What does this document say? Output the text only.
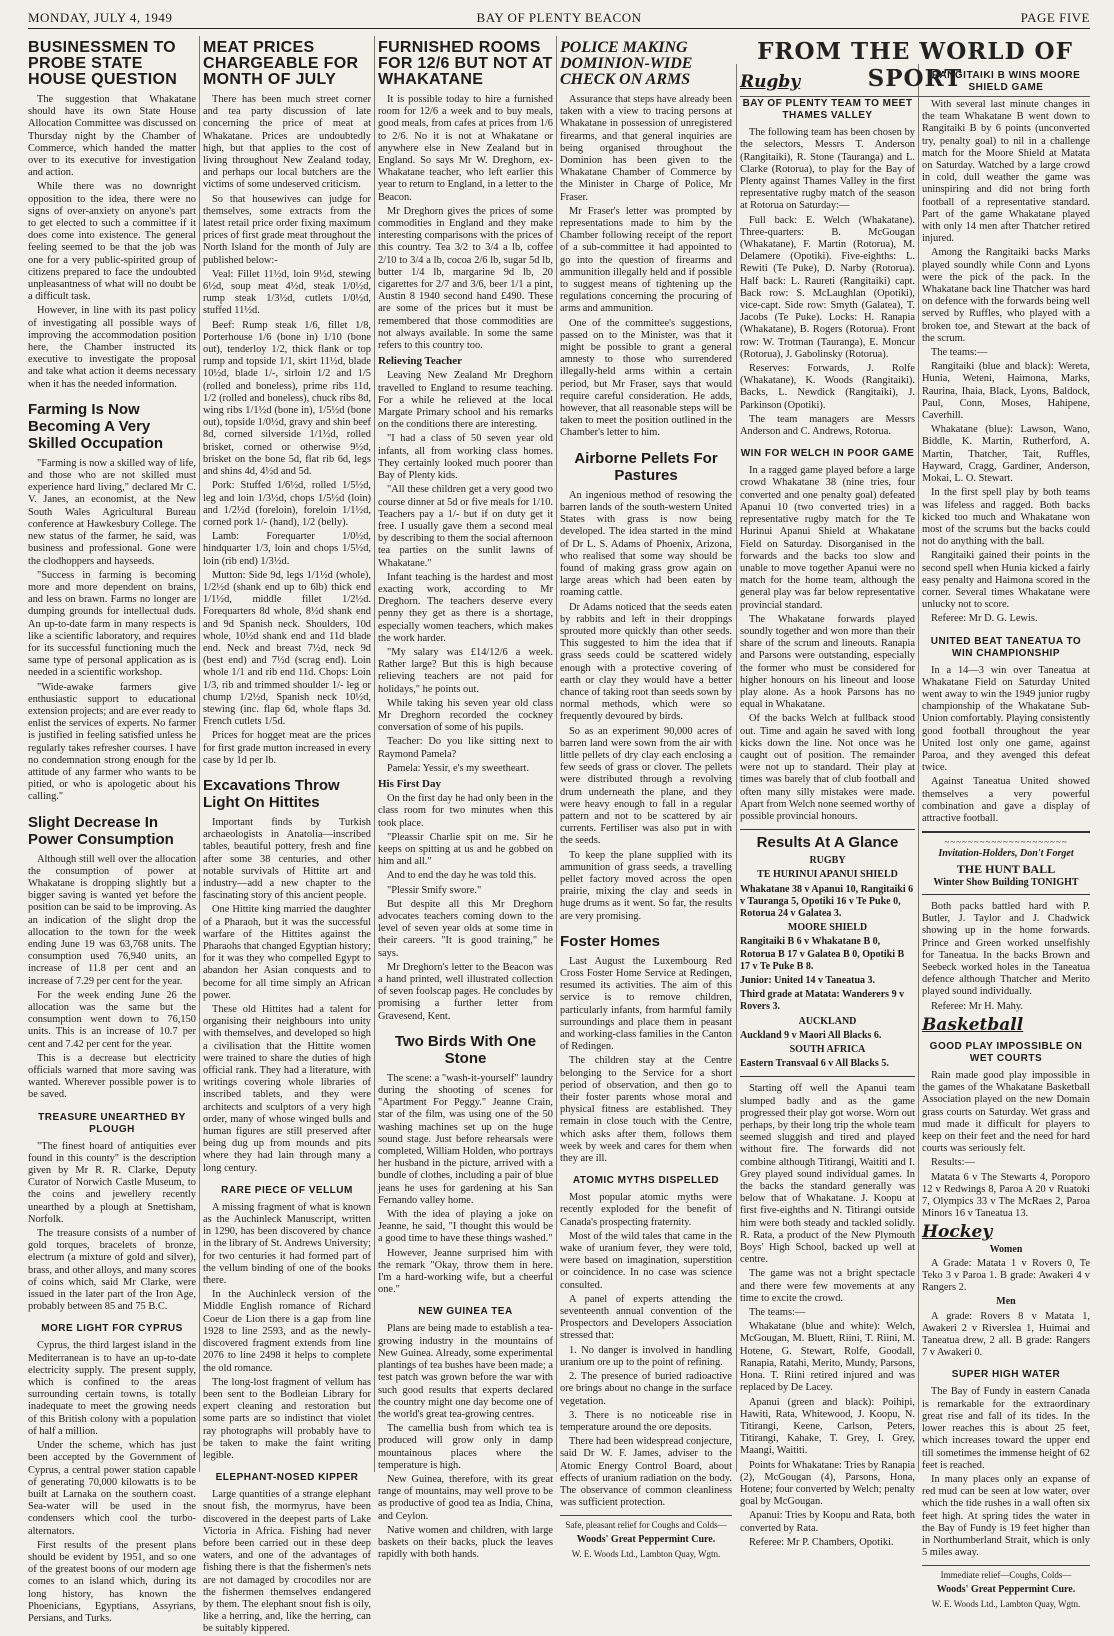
MONDAY, JULY 4, 1949	BAY OF PLENTY BEACON	PAGE FIVE
FROM THE WORLD OF SPORT
BUSINESSMEN TO PROBE STATE HOUSE QUESTION

The suggestion that Whakatane should have its own State House Allocation Committee was discussed on Thursday night by the Chamber of Commerce, which handed the matter over to its executive for investigation and action.

While there was no downright opposition to the idea, there were no signs of over-anxiety on anyone's part to get elected to such a committee if it does come into existence. The general feeling seemed to be that the job was one for a very public-spirited group of citizens prepared to face the undoubted unpleasantness of what will no doubt be a difficult task.

However, in line with its past policy of investigating all possible ways of improving the accommodation position here, the Chamber instructed its executive to investigate the proposal and take what action it deems necessary when it has the needed information.

Farming Is Now Becoming A Very Skilled Occupation

"Farming is now a skilled way of life, and those who are not skilled must experience hard living," declared Mr C. V. Janes, an economist, at the New South Wales Agricultural Bureau conference at Hawkesbury College. The new status of the farmer, he said, was business and professional. Gone were the clodhoppers and hayseeds.

"Success in farming is becoming more and more dependent on brains, and less on brawn. Farms no longer are dumping grounds for intellectual duds. An up-to-date farm in many respects is like a scientific laboratory, and requires for its successful functioning much the same type of personal application as is needed in a scientific workshop.

"Wide-awake farmers give enthusiastic support to educational extension projects; and are ever ready to enlist the services of experts. No farmer is justified in feeling satisfied unless he regularly takes refresher courses. I have no condemnation strong enough for the attitude of any farmer who wants to be pitied, or who is apologetic about his calling."

Slight Decrease In Power Consumption

Although still well over the allocation the consumption of power at Whakatane is dropping slightly but a bigger saving is wanted yet before the position can be said to be improving. As an indication of the slight drop the allocation to the town for the week ending June 19 was 63,768 units. The consumption used 76,940 units, an increase of 11.8 per cent and an increase of 7.29 per cent for the year.

For the week ending June 26 the allocation was the same but the consumption went down to 76,150 units. This is an increase of 10.7 per cent and 7.42 per cent for the year.

This is a decrease but electricity officials warned that more saving was wanted. Wherever possible power is to be saved.

TREASURE UNEARTHED BY PLOUGH

"The finest hoard of antiquities ever found in this county" is the description given by Mr R. R. Clarke, Deputy Curator of Norwich Castle Museum, to the coins and jewellery recently unearthed by a plough at Snettisham, Norfolk.

The treasure consists of a number of gold torques, bracelets of bronze, electrum (a mixture of gold and silver), brass, and other alloys, and many scores of coins which, said Mr Clarke, were issued in the later part of the Iron Age, probably between 85 and 75 B.C.

MORE LIGHT FOR CYPRUS

Cyprus, the third largest island in the Mediterranean is to have an up-to-date electricity supply. The present supply, which is confined to the areas surrounding certain towns, is totally inadequate to meet the growing needs of this British colony with a population of half a million.

Under the scheme, which has just been accepted by the Government of Cyprus, a central power station capable of generating 70,000 kilowatts is to be built at Larnaka on the southern coast. Sea-water will be used in the condensers which cool the turbo-alternators.

First results of the present plans should be evident by 1951, and so one of the greatest boons of our modern age comes to an island which, during its long history, has known the Phoenicians, Egyptians, Assyrians, Persians, and Turks.

MEAT PRICES CHARGEABLE FOR MONTH OF JULY

There has been much street corner and tea party discussion of late concerning the price of meat at Whakatane. Prices are undoubtedly high, but that applies to the cost of living throughout New Zealand today, and perhaps our local butchers are the victims of some undeserved criticism.

So that housewives can judge for themselves, some extracts from the latest retail price order fixing maximum prices of first grade meat throughout the North Island for the month of July are published below:-

Veal: Fillet 11½d, loin 9½d, stewing 6½d, soup meat 4½d, steak 1/0½d, rump steak 1/3½d, cutlets 1/0½d, stuffed 11½d.

Beef: Rump steak 1/6, fillet 1/8, Porterhouse 1/6 (bone in) 1/10 (bone out), tenderloy 1/2, thick flank or top rump and topside 1/1, skirt 11½d, blade 10½d, blade 1/-, sirloin 1/2 and 1/5 (rolled and boneless), prime ribs 11d, 1/2 (rolled and boneless), chuck ribs 8d, wing ribs 1/1½d (bone in), 1/5½d (bone out), topside 1/0½d, gravy and shin beef 8d, corned silverside 1/1½d, rolled brisket, corned or otherwise 9½d, brisket on the bone 5d, flat rib 6d, legs and shins 4d, 4½d and 5d.

Pork: Stuffed 1/6½d, rolled 1/5½d, leg and loin 1/3½d, chops 1/5½d (loin) and 1/2½d (foreloin), foreloin 1/1½d, corned pork 1/- (hand), 1/2 (belly).

Lamb: Forequarter 1/0½d, hindquarter 1/3, loin and chops 1/5½d, loin (rib end) 1/3½d.

Mutton: Side 9d, legs 1/1½d (whole), 1/2½d (shank end up to 6lb) thick end 1/1½d, middle fillet 1/2½d. Forequarters 8d whole, 8½d shank end and 9d Spanish neck. Shoulders, 10d whole, 10½d shank end and 11d blade end. Neck and breast 7½d, neck 9d (best end) and 7½d (scrag end). Loin whole 1/1 and rib end 11d. Chops: Loin 1/3, rib and trimmed shoulder 1/- leg or chump 1/2½d, Spanish neck 10½d, stewing (inc. flap 6d, whole flaps 3d. French cutlets 1/5d.

Prices for hogget meat are the prices for first grade mutton increased in every case by 1d per lb.

Excavations Throw Light On Hittites

Important finds by Turkish archaeologists in Anatolia—inscribed tables, beautiful pottery, fresh and fine after some 38 centuries, and other notable survivals of Hittite art and industry—add a new chapter to the fascinating story of this ancient people.

One Hittite king married the daughter of a Pharaoh, but it was the successful warfare of the Hittites against the Pharaohs that changed Egyptian history; for it was they who compelled Egypt to abandon her Asian conquests and to become for all time simply an African power.

These old Hittites had a talent for organising their neighbours into unity with themselves, and developed so high a civilisation that the Hittite women were trained to share the duties of high official rank. They had a literature, with writings covering whole libraries of inscribed tablets, and they were architects and sculptors of a very high order, many of whose winged bulls and human figures are still preserved after being dug up from mounds and pits where they had lain through many a long century.

RARE PIECE OF VELLUM

A missing fragment of what is known as the Auchinleck Manuscript, written in 1290, has been discovered by chance in the library of St. Andrews University; for two centuries it had formed part of the vellum binding of one of the books there.

In the Auchinleck version of the Middle English romance of Richard Coeur de Lion there is a gap from line 1928 to line 2593, and as the newly-discovered fragment extends from line 2076 to line 2498 it helps to complete the old romance.

The long-lost fragment of vellum has been sent to the Bodleian Library for expert cleaning and restoration but some parts are so indistinct that violet ray photographs will probably have to be taken to make the faint writing legible.

ELEPHANT-NOSED KIPPER

Large quantities of a strange elephant snout fish, the mormyrus, have been discovered in the deepest parts of Lake Victoria in Africa. Fishing had never before been carried out in these deep waters, and one of the advantages of fishing there is that the fishermen's nets are not damaged by crocodiles nor are the fishermen themselves endangered by them. The elephant snout fish is oily, like a herring, and, like the herring, can be suitably kippered.

FURNISHED ROOMS FOR 12/6 BUT NOT AT WHAKATANE

It is possible today to hire a furnished room for 12/6 a week and to buy meals, good meals, from cafes at prices from 1/6 to 2/6. No it is not at Whakatane or anywhere else in New Zealand but in England. So says Mr W. Dreghorn, ex-Whakatane teacher, who left earlier this year to return to England, in a letter to the Beacon.

Mr Dreghorn gives the prices of some commodities in England and they make interesting comparisons with the prices of this country. Tea 3/2 to 3/4 a lb, coffee 2/10 to 3/4 a lb, cocoa 2/6 lb, sugar 5d lb, butter 1/4 lb, margarine 9d lb, 20 cigarettes for 2/7 and 3/6, beer 1/1 a pint, Austin 8 1940 second hand £490. These are some of the prices but it must be remembered that those commodities are not always available. In some the same refers to this country too.

Relieving Teacher

Leaving New Zealand Mr Dreghorn travelled to England to resume teaching. For a while he relieved at the local Margate Primary school and his remarks on the conditions there are interesting.

"I had a class of 50 seven year old infants, all from working class homes. They certainly looked much poorer than Bay of Plenty kids.

"All these children get a very good two course dinner at 5d or five meals for 1/10. Teachers pay a 1/- but if on duty get it free. I usually gave them a second meal by describing to them the social afternoon tea parties on the sunlit lawns of Whakatane."

Infant teaching is the hardest and most exacting work, according to Mr Dreghorn. The teachers deserve every penny they get as there is a shortage, especially women teachers, which makes the work harder.

"My salary was £14/12/6 a week. Rather large? But this is high because relieving teachers are not paid for holidays," he points out.

While taking his seven year old class Mr Dreghorn recorded the cockney conversation of some of his pupils.

Teacher: Do you like sitting next to Raymond Pamela?

Pamela: Yessir, e's my sweetheart.

His First Day

On the first day he had only been in the class room for two minutes when this took place.

"Pleassir Charlie spit on me. Sir he keeps on spitting at us and he gobbed on him and all."

And to end the day he was told this.

"Plessir Smify swore."

But despite all this Mr Dreghorn advocates teachers coming down to the level of seven year olds at some time in their careers. "It is good training," he says.

Mr Dreghorn's letter to the Beacon was a hand printed, well illustrated collection of seven foolscap pages. He concludes by promising a further letter from Gravesend, Kent.

Two Birds With One Stone

The scene: a "wash-it-yourself" laundry during the shooting of scenes for "Apartment For Peggy." Jeanne Crain, star of the film, was using one of the 50 washing machines set up on the huge sound stage. Just before rehearsals were completed, William Holden, who portrays her husband in the picture, arrived with a bundle of clothes, including a pair of blue jeans he uses for gardening at his San Fernando valley home.

With the idea of playing a joke on Jeanne, he said, "I thought this would be a good time to have these things washed."

However, Jeanne surprised him with the remark "Okay, throw them in here. I'm a hard-working wife, but a cheerful one."

NEW GUINEA TEA

Plans are being made to establish a tea-growing industry in the mountains of New Guinea. Already, some experimental plantings of tea bushes have been made; a test patch was grown before the war with such good results that experts declared the country might one day become one of the world's great tea-growing centres.

The camellia bush from which tea is produced will grow only in damp mountainous places where the temperature is high.

New Guinea, therefore, with its great range of mountains, may well prove to be as productive of good tea as India, China, and Ceylon.

Native women and children, with large baskets on their backs, pluck the leaves rapidly with both hands.

POLICE MAKING DOMINION-WIDE CHECK ON ARMS

Assurance that steps have already been taken with a view to tracing persons at Whakatane in possession of unregistered firearms, and that general inquiries are being organised throughout the Dominion has been given to the Whakatane Chamber of Commerce by the Minister in Charge of Police, Mr Fraser.

Mr Fraser's letter was prompted by representations made to him by the Chamber following receipt of the report of a sub-committee it had appointed to go into the question of firearms and ammunition illegally held and if possible to suggest means of tightening up the regulations concerning the procuring of arms and ammunition.

One of the committee's suggestions, passed on to the Minister, was that it might be possible to grant a general amnesty to those who surrendered illegally-held arms within a certain period, but Mr Fraser, says that would require careful consideration. He adds, however, that all reasonable steps will be taken to meet the position outlined in the Chamber's letter to him.

Airborne Pellets For Pastures

An ingenious method of resowing the barren lands of the south-western United States with grass is now being developed. The idea started in the mind of Dr L. S. Adams of Phoenix, Arizona, who realised that some way should be found of making grass grow again on large areas which had been eaten by roaming cattle.

Dr Adams noticed that the seeds eaten by rabbits and left in their droppings sprouted more quickly than other seeds. This suggested to him the idea that if grass seeds could be scattered widely enough with a protective covering of earth or clay they would have a better chance of taking root than seeds sown by normal methods, which were so frequently devoured by birds.

So as an experiment 90,000 acres of barren land were sown from the air with little pellets of dry clay each enclosing a few seeds of grass or clover. The pellets were distributed through a revolving drum underneath the plane, and they were heavy enough to fall in a regular pattern and not to be scattered by air currents. Fertiliser was also put in with the seeds.

To keep the plane supplied with its ammunition of grass seeds, a travelling pellet factory moved across the open prairie, mixing the clay and seeds in huge drums as it went. So far, the results are very promising.

Foster Homes

Last August the Luxembourg Red Cross Foster Home Service at Redingen, resumed its activities. The aim of this service is to remove children, particularly infants, from harmful family surroundings and place them in peasant and working-class families in the Canton of Redingen.

The children stay at the Centre belonging to the Service for a short period of observation, and then go to their foster parents whose moral and physical fitness are established. They remain in close touch with the Centre, which asks after them, follows them week by week and cares for them when they are ill.

ATOMIC MYTHS DISPELLED

Most popular atomic myths were recently exploded for the benefit of Canada's prospecting fraternity.

Most of the wild tales that came in the wake of uranium fever, they were told, were based on imagination, superstition or coincidence. In no case was science consulted.

A panel of experts attending the seventeenth annual convention of the Prospectors and Developers Association stressed that:

1. No danger is involved in handling uranium ore up to the point of refining.

2. The presence of buried radioactive ore brings about no change in the surface vegetation.

3. There is no noticeable rise in temperature around the ore deposits.

There had been widespread conjecture, said Dr W. F. James, adviser to the Atomic Energy Control Board, about effects of uranium radiation on the body. The observance of common cleanliness was sufficient protection.

Safe, pleasant relief for Coughs and Colds—

Woods' Great Peppermint Cure.

W. E. Woods Ltd., Lambton Quay, Wgtn.

Rugby
BAY OF PLENTY TEAM TO MEET THAMES VALLEY

The following team has been chosen by the selectors, Messrs T. Anderson (Rangitaiki), R. Stone (Tauranga) and L. Clarke (Rotorua), to play for the Bay of Plenty against Thames Valley in the first representative rugby match of the season at Rotorua on Saturday:—

Full back: E. Welch (Whakatane). Three-quarters: B. McGougan (Whakatane), F. Martin (Rotorua), M. Delamere (Opotiki). Five-eighths: L. Rewiti (Te Puke), D. Narby (Rotorua). Half back: L. Raureti (Rangitaiki) capt. Back row: S. McLaughlan (Opotiki), vice-capt. Side row: Smyth (Galatea), T. Jacobs (Te Puke). Locks: H. Ranapia (Whakatane), B. Rogers (Rotorua). Front row: W. Trotman (Tauranga), E. Moncur (Rotorua), J. Gabolinsky (Rotorua).

Reserves: Forwards, J. Rolfe (Whakatane), K. Woods (Rangitaiki). Backs, L. Newdick (Rangitaiki), J. Parkinson (Opotiki).

The team managers are Messrs Anderson and C. Andrews, Rotorua.

WIN FOR WELCH IN POOR GAME

In a ragged game played before a large crowd Whakatane 38 (nine tries, four converted and one penalty goal) defeated Apanui 10 (two converted tries) in a representative rugby match for the Te Hurinui Apanui Shield at Whakatane Field on Saturday. Disorganised in the forwards and the backs too slow and unable to move together Apanui were no match for the home team, although the general play was far below representative provincial standard.

The Whakatane forwards played soundly together and won more than their share of the scrum and lineouts. Ranapia and Parsons were outstanding, especially the former who must be considered for higher honours on his lineout and loose play alone. As a hook Parsons has no equal in Whakatane.

Of the backs Welch at fullback stood out. Time and again he saved with long kicks down the line. Not once was he caught out of position. The remainder were not up to standard. Their play at times was barely that of club football and often many silly mistakes were made. Apart from Welch none seemed worthy of possible provincial honours.

Results At A Glance

RUGBY

TE HURINUI APANUI SHIELD

Whakatane 38 v Apanui 10, Rangitaiki 6 v Tauranga 5, Opotiki 16 v Te Puke 0, Rotorua 24 v Galatea 3.

MOORE SHIELD

Rangitaiki B 6 v Whakatane B 0, Rotorua B 17 v Galatea B 0, Opotiki B 17 v Te Puke B 8.

Junior: United 14 v Taneatua 3.

Third grade at Matata: Wanderers 9 v Rovers 3.

AUCKLAND

Auckland 9 v Maori All Blacks 6.

SOUTH AFRICA

Eastern Transvaal 6 v All Blacks 5.

Starting off well the Apanui team slumped badly and as the game progressed their play got worse. Worn out perhaps, by their long trip the whole team seemed sluggish and tired and played without fire. The forwards did not combine although Titirangi, Waititi and I. Grey played sound individual games. In the backs the standard generally was below that of Whakatane. J. Koopu at first five-eighths and N. Titirangi outside him were both steady and tackled solidly. R. Rata, a product of the New Plymouth Boys' High School, backed up well at centre.

The game was not a bright spectacle and there were few movements at any time to excite the crowd.

The teams:—

Whakatane (blue and white): Welch, McGougan, M. Bluett, Riini, T. Riini, M. Hotene, G. Stewart, Rolfe, Goodall, Ranapia, Ratahi, Merito, Mundy, Parsons, Hona. T. Riini retired injured and was replaced by De Lacey.

Apanui (green and black): Poihipi, Hawiti, Rata, Whitewood, J. Koopu, N. Titirangi, Keene, Carlson, Peters, Titirangi, Kahake, T. Grey, I. Grey, Maangi, Waititi.

Points for Whakatane: Tries by Ranapia (2), McGougan (4), Parsons, Hona, Hotene; four converted by Welch; penalty goal by McGougan.

Apanui: Tries by Koopu and Rata, both converted by Rata.

Referee: Mr P. Chambers, Opotiki.

RANGITAIKI B WINS MOORE SHIELD GAME

With several last minute changes in the team Whakatane B went down to Rangitaiki B by 6 points (unconverted try, penalty goal) to nil in a challenge match for the Moore Shield at Matata on Saturday. Watched by a large crowd in cold, dull weather the game was uninspiring and did not bring forth football of a representative standard. Part of the game Whakatane played with only 14 men after Thatcher retired injured.

Among the Rangitaiki backs Marks played soundly while Conn and Lyons were the pick of the pack. In the Whakatane back line Thatcher was hard on defence with the forwards being well served by Ruffles, who played with a broken toe, and Stewart at the back of the scrum.

The teams:—

Rangitaiki (blue and black): Wereta, Hunia, Weteni, Haimona, Marks, Raurina, Ihaia, Black, Lyons, Baldock, Paul, Conn, Moses, Hahipene, Caverhill.

Whakatane (blue): Lawson, Wano, Biddle, K. Martin, Rutherford, A. Martin, Thatcher, Tait, Ruffles, Hayward, Cragg, Gardiner, Anderson, Mokai, L. O. Stewart.

In the first spell play by both teams was lifeless and ragged. Both backs kicked too much and Whakatane won most of the scrums but the backs could not do anything with the ball.

Rangitaiki gained their points in the second spell when Hunia kicked a fairly easy penalty and Haimona scored in the corner. Several times Whakatane were unlucky not to score.

Referee: Mr D. G. Lewis.

UNITED BEAT TANEATUA TO WIN CHAMPIONSHIP

In a 14—3 win over Taneatua at Whakatane Field on Saturday United went away to win the 1949 junior rugby championship of the Whakatane Sub-Union comfortably. Playing consistently good football throughout the year United lost only one game, against Paroa, and they avenged this defeat twice.

Against Taneatua United showed themselves a very powerful combination and gave a display of attractive football.

~~~~~~~~~~~~~~~~~~~~~

Invitation-Holders, Don't Forget

THE HUNT BALL

Winter Show Building TONIGHT

Both packs battled hard with P. Butler, J. Taylor and J. Chadwick showing up in the home forwards. Prince and Green worked unselfishly for Taneatua. In the backs Brown and Seebeck worked holes in the Taneatua defence although Thatcher and Merito played sound individually.

Referee: Mr H. Mahy.

Basketball
GOOD PLAY IMPOSSIBLE ON WET COURTS

Rain made good play impossible in the games of the Whakatane Basketball Association played on the new Domain grass courts on Saturday. Wet grass and mud made it difficult for players to keep on their feet and the need for hard courts was seriously felt.

Results:—

Matata 6 v The Stewarts 4, Poroporo 12 v Redwings 8, Paroa A 20 v Ruatoki 7, Olympics 33 v The McRaes 2, Paroa Minors 16 v Taneatua 13.

Hockey

Women

A Grade: Matata 1 v Rovers 0, Te Teko 3 v Paroa 1. B grade: Awakeri 4 v Rangers 2.

Men

A grade: Rovers 8 v Matata 1, Awakeri 2 v Riverslea 1, Huimai and Taneatua drew, 2 all. B grade: Rangers 7 v Awakeri 0.

SUPER HIGH WATER

The Bay of Fundy in eastern Canada is remarkable for the extraordinary great rise and fall of its tides. In the lower reaches this is about 25 feet, which increases toward the upper end till sometimes the immense height of 62 feet is reached.

In many places only an expanse of red mud can be seen at low water, over which the tide rushes in a wall often six feet high. At spring tides the water in the Bay of Fundy is 19 feet higher than in Northumberland Strait, which is only 5 miles away.

Immediate relief—Coughs, Colds—

Woods' Great Peppermint Cure.

W. E. Woods Ltd., Lambton Quay, Wgtn.
